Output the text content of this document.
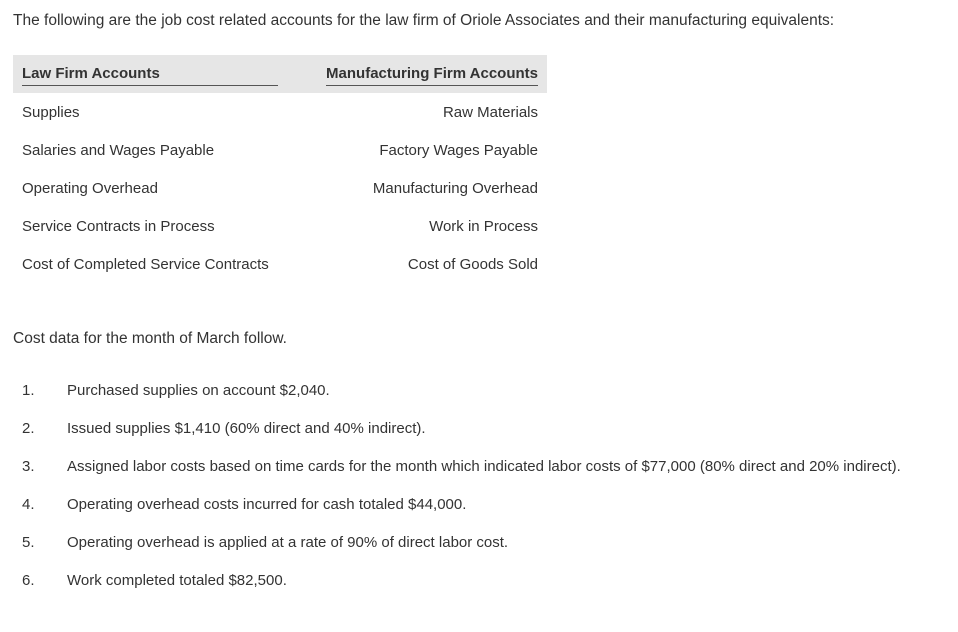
The following are the job cost related accounts for the law firm of Oriole Associates and their manufacturing equivalents:
Law Firm Accounts	Manufacturing Firm Accounts
Supplies	Raw Materials
Salaries and Wages Payable	Factory Wages Payable
Operating Overhead	Manufacturing Overhead
Service Contracts in Process	Work in Process
Cost of Completed Service Contracts	Cost of Goods Sold
Cost data for the month of March follow.
1.	Purchased supplies on account $2,040.
2.	Issued supplies $1,410 (60% direct and 40% indirect).
3.	Assigned labor costs based on time cards for the month which indicated labor costs of $77,000 (80% direct and 20% indirect).
4.	Operating overhead costs incurred for cash totaled $44,000.
5.	Operating overhead is applied at a rate of 90% of direct labor cost.
6.	Work completed totaled $82,500.
